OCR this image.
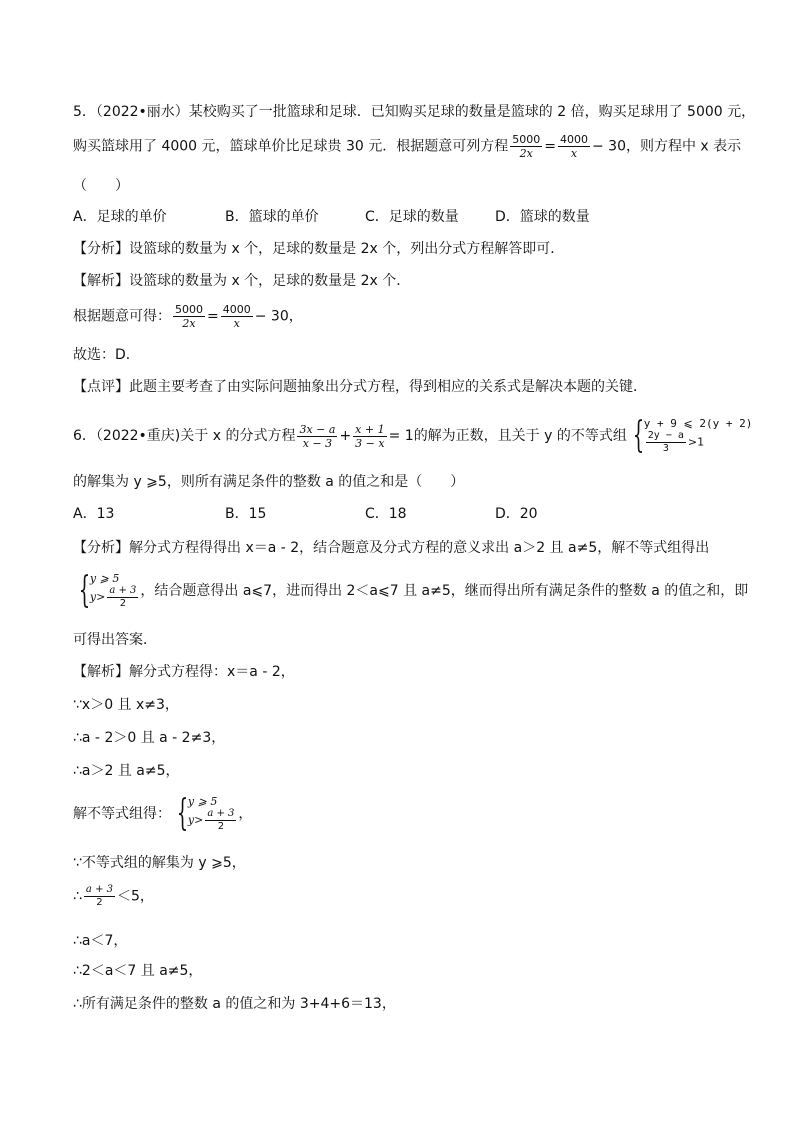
5．（2022•丽水）某校购买了一批篮球和足球．已知购买足球的数量是篮球的 2 倍，购买足球用了 5000 元，
购买篮球用了 4000 元，篮球单价比足球贵 30 元．根据题意可列方程 $\frac{5000}{2x} = \frac{4000}{x} - 30$，则方程中 x 表示
（　　）
A．足球的单价	B．篮球的单价	C．足球的数量	D．篮球的数量
【分析】设篮球的数量为 x 个，足球的数量是 2x 个，列出分式方程解答即可．
【解析】设篮球的数量为 x 个，足球的数量是 2x 个．
根据题意可得： $\frac{5000}{2x} = \frac{4000}{x} - 30$，
故选：D．
【点评】此题主要考查了由实际问题抽象出分式方程，得到相应的关系式是解决本题的关键．
6．（2022•重庆)关于 x 的分式方程 $\frac{3x - a}{x - 3} + \frac{x + 1}{3 - x} = 1$的解为正数，且关于 y 的不等式组 { y + 9 ⩽ 2(y + 2)
$\frac{2y - a}{3} >1$
的解集为 y ⩾5，则所有满足条件的整数 a 的值之和是（　　）
A．13	B．15	C．18	D．20
【分析】解分式方程得得出 x＝a - 2，结合题意及分式方程的意义求出 a＞2 且 a≠5，解不等式组得出
{ y ⩾ 5
$y> \frac{a + 3}{2}$ ，结合题意得出 a⩽7，进而得出 2＜a⩽7 且 a≠5，继而得出所有满足条件的整数 a 的值之和，即
可得出答案．
【解析】解分式方程得：x＝a - 2，
∵x＞0 且 x≠3，
∴a - 2＞0 且 a - 2≠3，
∴a＞2 且 a≠5，
解不等式组得： { y ⩾ 5
$y> \frac{a + 3}{2}$ ，
∵不等式组的解集为 y ⩾5，
∴ $\frac{a + 3}{2} <5$，
∴a＜7，
∴2＜a＜7 且 a≠5，
∴所有满足条件的整数 a 的值之和为 3+4+6＝13，
